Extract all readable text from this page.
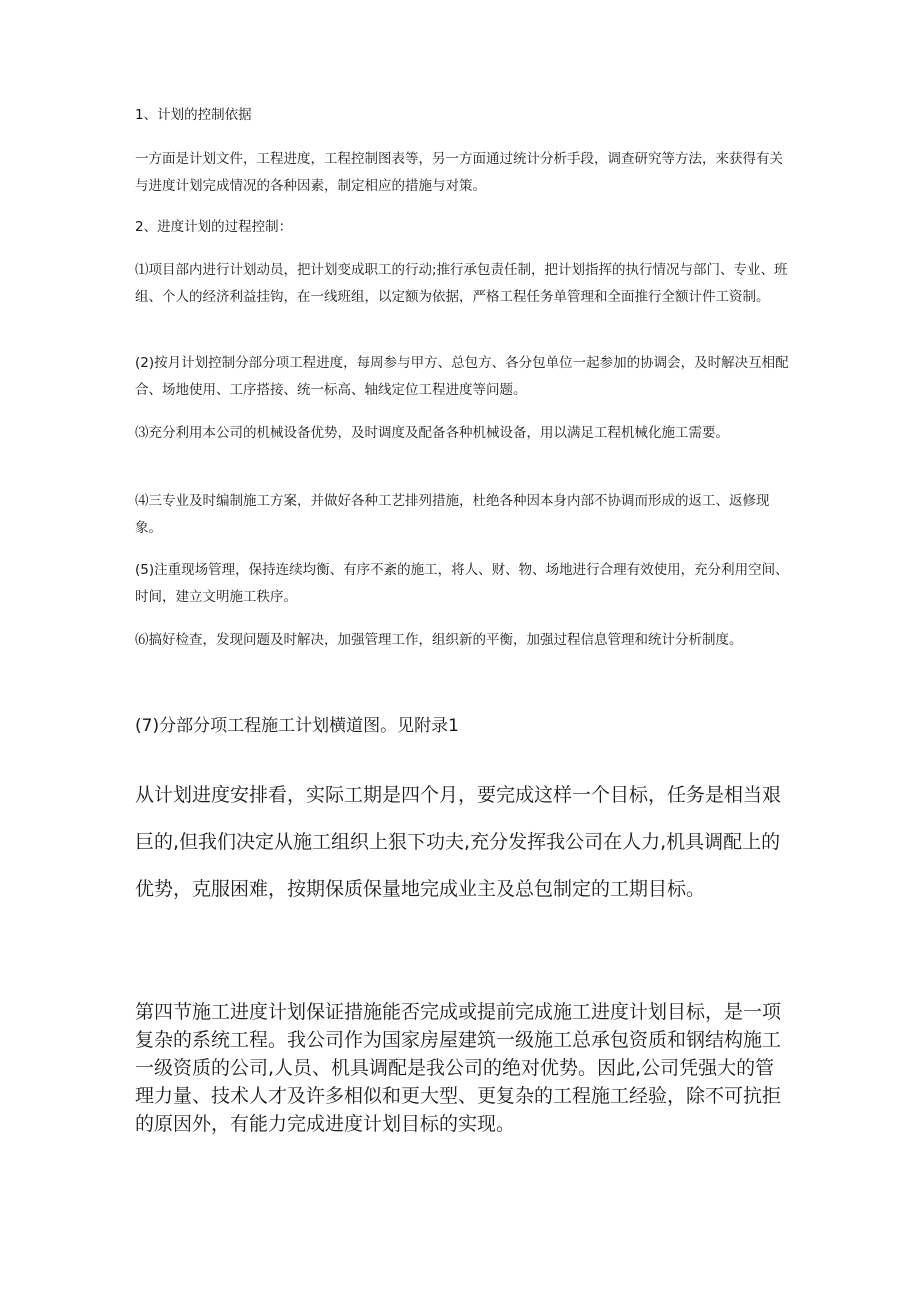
1、计划的控制依据

一方面是计划文件，工程进度，工程控制图表等，另一方面通过统计分析手段，调查研究等方法，来获得有关与进度计划完成情况的各种因素，制定相应的措施与对策。

2、进度计划的过程控制：

⑴项目部内进行计划动员，把计划变成职工的行动;推行承包责任制，把计划指挥的执行情况与部门、专业、班组、个人的经济利益挂钩，在一线班组，以定额为依据，严格工程任务单管理和全面推行全额计件工资制。

(2)按月计划控制分部分项工程进度，每周参与甲方、总包方、各分包单位一起参加的协调会，及时解决互相配合、场地使用、工序搭接、统一标高、轴线定位工程进度等问题。

⑶充分利用本公司的机械设备优势，及时调度及配备各种机械设备，用以满足工程机械化施工需要。

⑷三专业及时编制施工方案，并做好各种工艺排列措施，杜绝各种因本身内部不协调而形成的返工、返修现象。

(5)注重现场管理，保持连续均衡、有序不紊的施工，将人、财、物、场地进行合理有效使用，充分利用空间、时间，建立文明施工秩序。

⑹搞好检查，发现问题及时解决，加强管理工作，组织新的平衡，加强过程信息管理和统计分析制度。

(7)分部分项工程施工计划横道图。见附录1

从计划进度安排看，实际工期是四个月，要完成这样一个目标，任务是相当艰巨的,但我们决定从施工组织上狠下功夫,充分发挥我公司在人力,机具调配上的优势，克服困难，按期保质保量地完成业主及总包制定的工期目标。

第四节施工进度计划保证措施能否完成或提前完成施工进度计划目标，是一项复杂的系统工程。我公司作为国家房屋建筑一级施工总承包资质和钢结构施工一级资质的公司,人员、机具调配是我公司的绝对优势。因此,公司凭强大的管理力量、技术人才及许多相似和更大型、更复杂的工程施工经验，除不可抗拒的原因外，有能力完成进度计划目标的实现。
